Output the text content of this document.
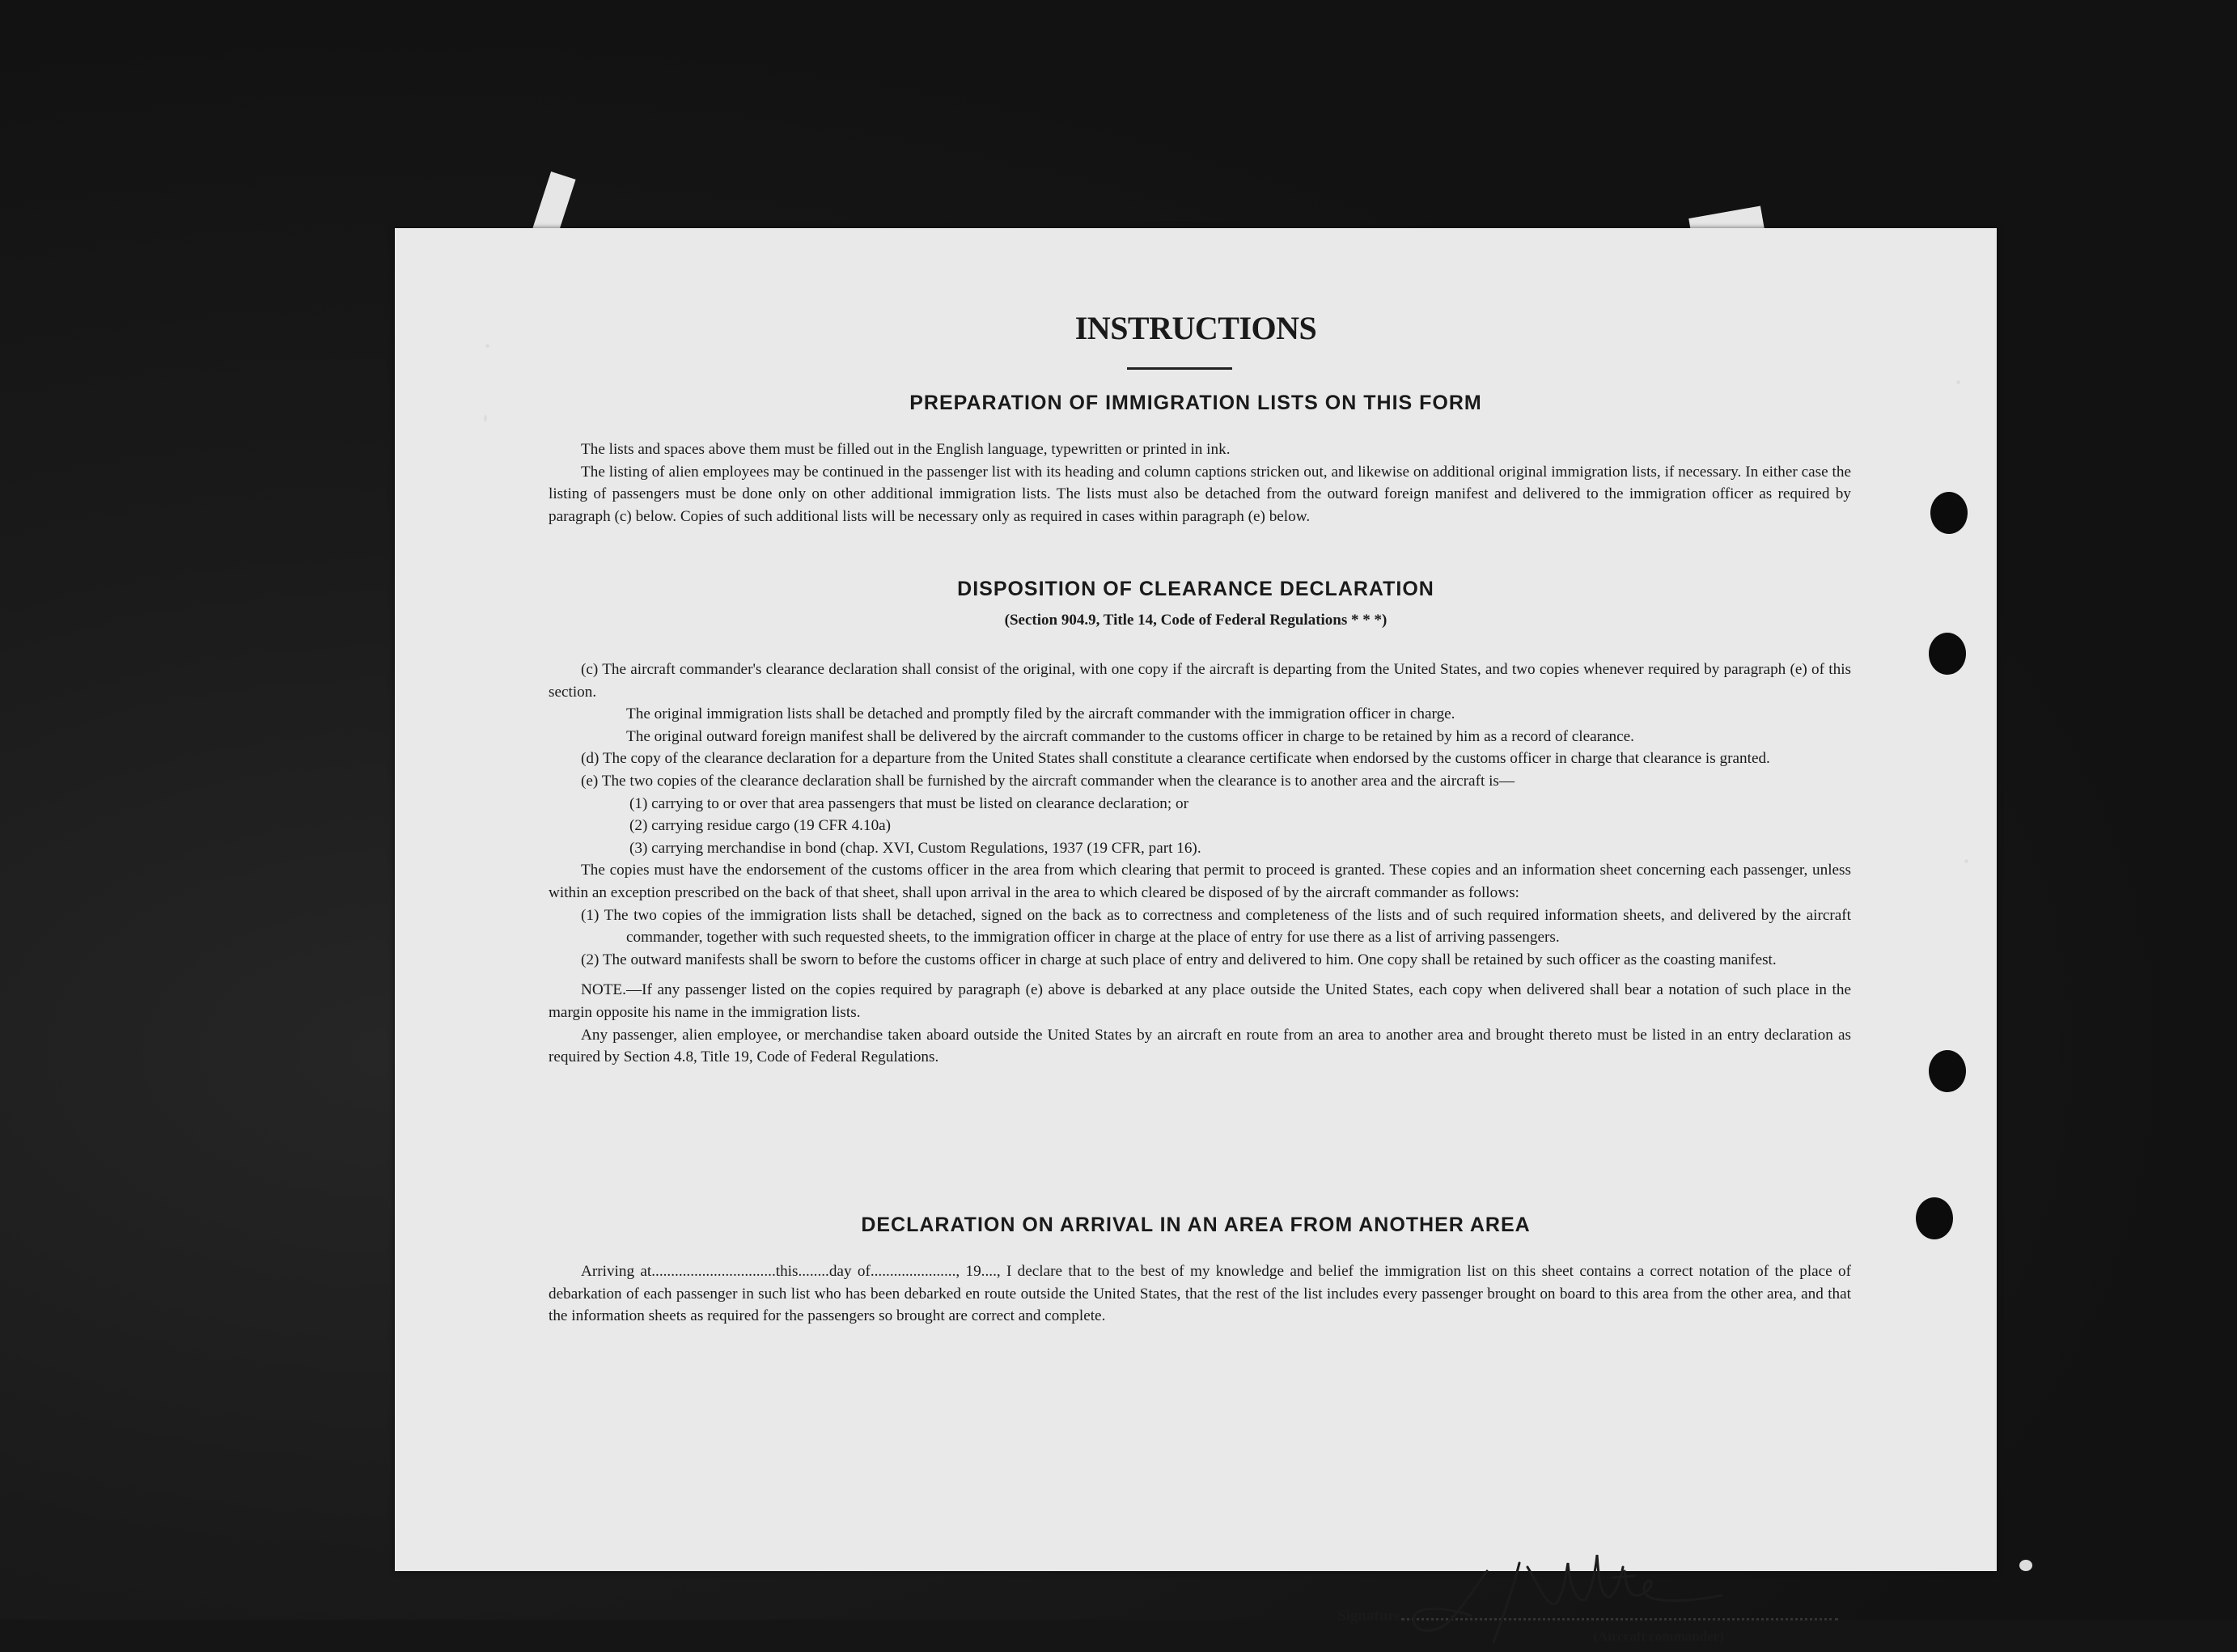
INSTRUCTIONS
PREPARATION OF IMMIGRATION LISTS ON THIS FORM

The lists and spaces above them must be filled out in the English language, typewritten or printed in ink.

The listing of alien employees may be continued in the passenger list with its heading and column captions stricken out, and likewise on additional original immigration lists, if necessary. In either case the listing of passengers must be done only on other additional immigration lists. The lists must also be detached from the outward foreign manifest and delivered to the immigration officer as required by paragraph (c) below. Copies of such additional lists will be necessary only as required in cases within paragraph (e) below.

DISPOSITION OF CLEARANCE DECLARATION
(Section 904.9, Title 14, Code of Federal Regulations * * *)

(c) The aircraft commander's clearance declaration shall consist of the original, with one copy if the aircraft is departing from the United States, and two copies whenever required by paragraph (e) of this section.

The original immigration lists shall be detached and promptly filed by the aircraft commander with the immigration officer in charge.

The original outward foreign manifest shall be delivered by the aircraft commander to the customs officer in charge to be retained by him as a record of clearance.

(d) The copy of the clearance declaration for a departure from the United States shall constitute a clearance certificate when endorsed by the customs officer in charge that clearance is granted.

(e) The two copies of the clearance declaration shall be furnished by the aircraft commander when the clearance is to another area and the aircraft is—

(1) carrying to or over that area passengers that must be listed on clearance declaration; or

(2) carrying residue cargo (19 CFR 4.10a)

(3) carrying merchandise in bond (chap. XVI, Custom Regulations, 1937 (19 CFR, part 16).

The copies must have the endorsement of the customs officer in the area from which clearing that permit to proceed is granted. These copies and an information sheet concerning each passenger, unless within an exception prescribed on the back of that sheet, shall upon arrival in the area to which cleared be disposed of by the aircraft commander as follows:

(1) The two copies of the immigration lists shall be detached, signed on the back as to correctness and completeness of the lists and of such required information sheets, and delivered by the aircraft commander, together with such requested sheets, to the immigration officer in charge at the place of entry for use there as a list of arriving passengers.

(2) The outward manifests shall be sworn to before the customs officer in charge at such place of entry and delivered to him. One copy shall be retained by such officer as the coasting manifest.

NOTE.—If any passenger listed on the copies required by paragraph (e) above is debarked at any place outside the United States, each copy when delivered shall bear a notation of such place in the margin opposite his name in the immigration lists.

Any passenger, alien employee, or merchandise taken aboard outside the United States by an aircraft en route from an area to another area and brought thereto must be listed in an entry declaration as required by Section 4.8, Title 19, Code of Federal Regulations.

DECLARATION ON ARRIVAL IN AN AREA FROM ANOTHER AREA

Arriving at................................this........day of......................, 19...., I declare that to the best of my knowledge and belief the immigration list on this sheet contains a correct notation of the place of debarkation of each passenger in such list who has been debarked en route outside the United States, that the rest of the list includes every passenger brought on board to this area from the other area, and that the information sheets as required for the passengers so brought are correct and complete.

Signature
(Aircraft commander)
